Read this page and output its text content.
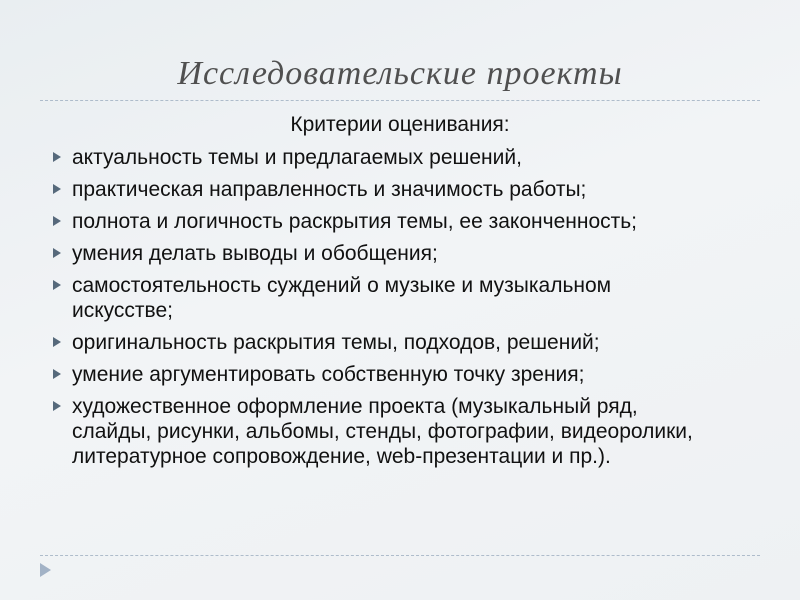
Исследовательские проекты
Критерии оценивания:
актуальность темы и предлагаемых решений,
практическая направленность и значимость работы;
полнота и логичность раскрытия темы, ее законченность;
умения делать выводы и обобщения;
самостоятельность суждений о музыке и музыкальном искусстве;
оригинальность раскрытия темы, подходов, решений;
умение аргументировать собственную точку зрения;
художественное оформление проекта (музыкальный ряд, слайды, рисунки, альбомы, стенды, фотографии, видеоролики, литературное сопровождение, web-презентации и пр.).
